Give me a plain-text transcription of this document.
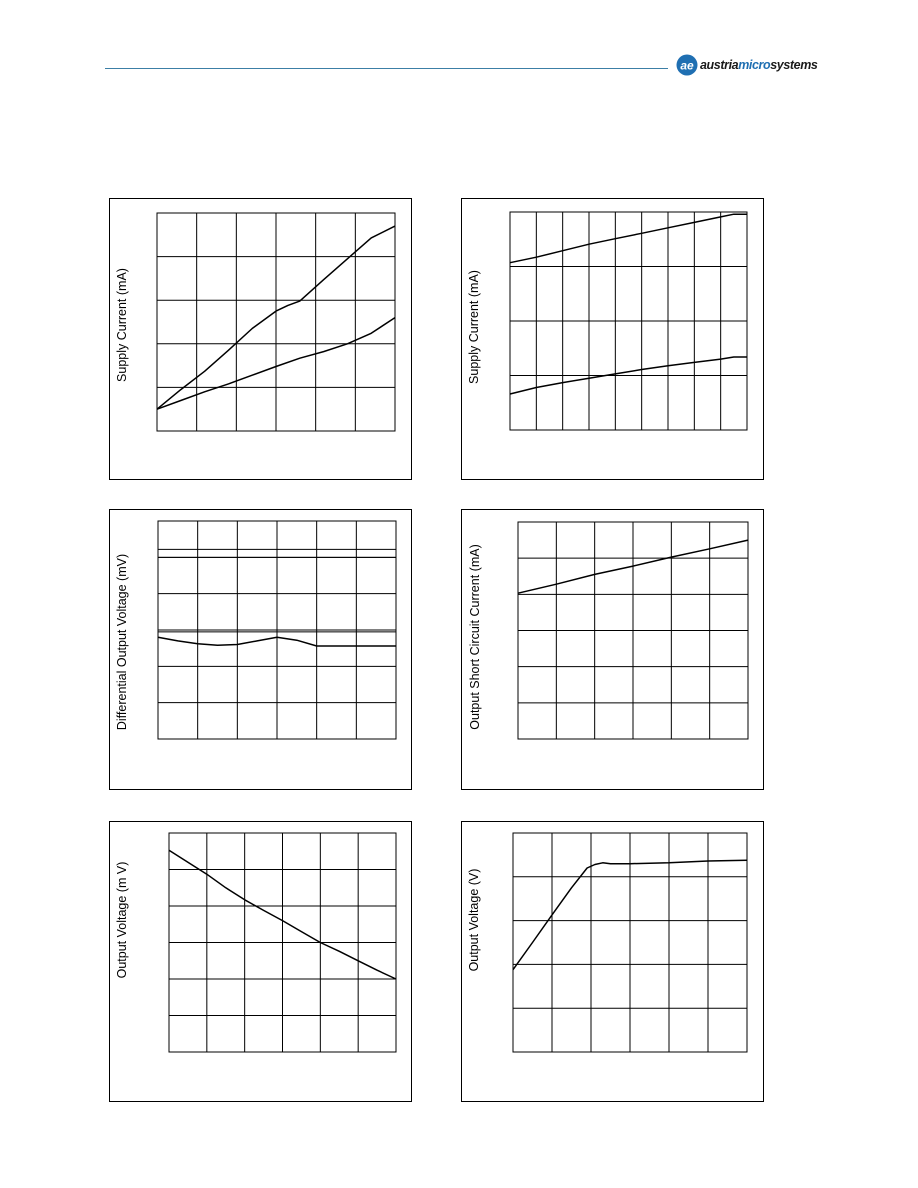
ae austriamicrosystems
Supply Current (mA)	Supply Current (mA)
Differential Output Voltage (mV)	Output Short Circuit Current (mA)
Output Voltage (m V)	Output Voltage (V)
